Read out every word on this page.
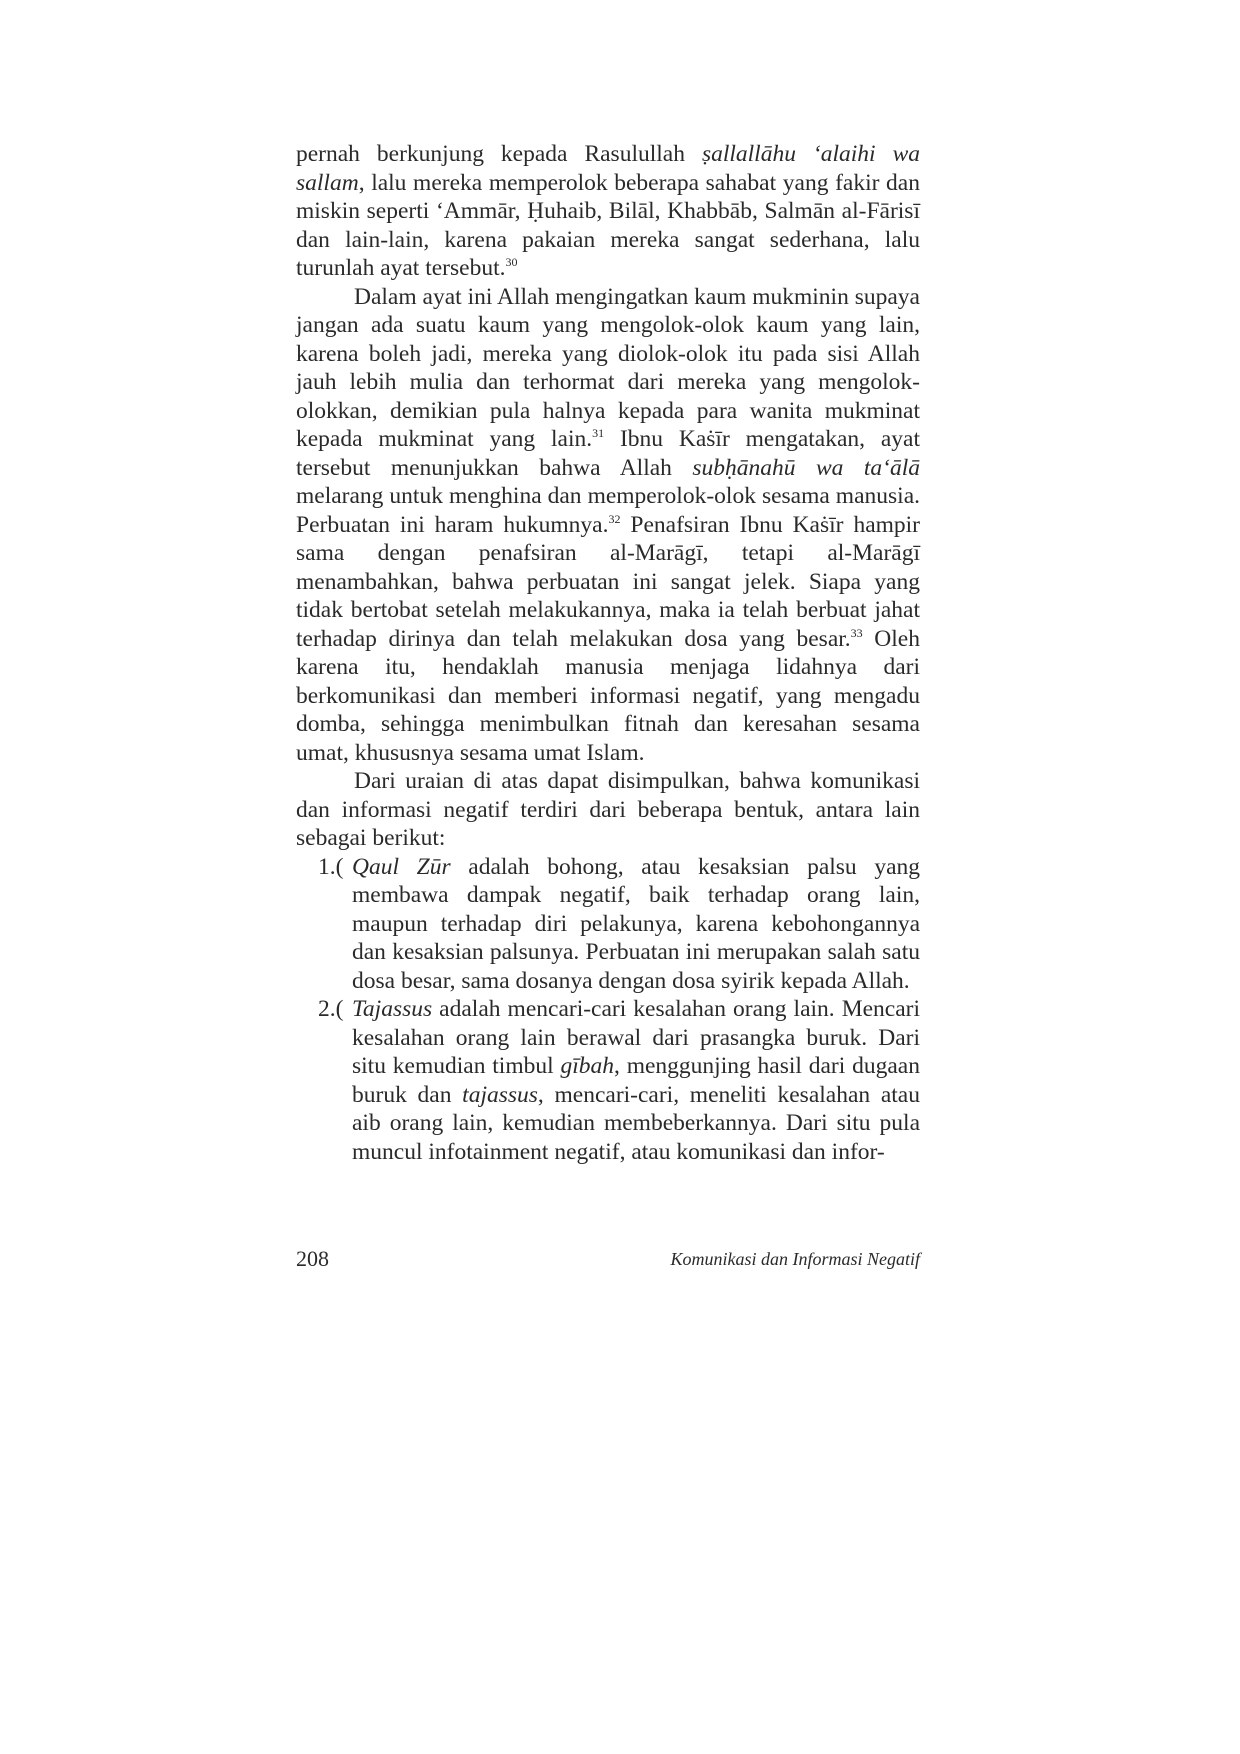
pernah berkunjung kepada Rasulullah ṣallallāhu ‘alaihi wa sallam, lalu mereka memperolok beberapa sahabat yang fakir dan miskin seperti ‘Ammār, Ḥuhaib, Bilāl, Khabbāb, Salmān al-Fārisī dan lain-lain, karena pakaian mereka sangat sederhana, lalu turunlah ayat tersebut.$^{30}$

Dalam ayat ini Allah mengingatkan kaum mukminin supaya jangan ada suatu kaum yang mengolok-olok kaum yang lain, karena boleh jadi, mereka yang diolok-olok itu pada sisi Allah jauh lebih mulia dan terhormat dari mereka yang mengolok-olokkan, demikian pula halnya kepada para wanita mukminat kepada mukminat yang lain.$^{31}$ Ibnu Kaṡīr mengatakan, ayat tersebut menunjukkan bahwa Allah subḥānahū wa ta‘ālā melarang untuk menghina dan memperolok-olok sesama manusia. Perbuatan ini haram hukumnya.$^{32}$ Penafsiran Ibnu Kaṡīr hampir sama dengan penafsiran al-Marāgī, tetapi al-Marāgī menambahkan, bahwa perbuatan ini sangat jelek. Siapa yang tidak bertobat setelah melakukannya, maka ia telah berbuat jahat terhadap dirinya dan telah melakukan dosa yang besar.$^{33}$ Oleh karena itu, hendaklah manusia menjaga lidahnya dari berkomunikasi dan memberi informasi negatif, yang mengadu domba, sehingga menimbulkan fitnah dan keresahan sesama umat, khususnya sesama umat Islam.

Dari uraian di atas dapat disimpulkan, bahwa komunikasi dan informasi negatif terdiri dari beberapa bentuk, antara lain sebagai berikut:

1.( Qaul Zūr adalah bohong, atau kesaksian palsu yang membawa dampak negatif, baik terhadap orang lain, maupun terhadap diri pelakunya, karena kebohongannya dan kesaksian palsunya. Perbuatan ini merupakan salah satu dosa besar, sama dosanya dengan dosa syirik kepada Allah.
2.( Tajassus adalah mencari-cari kesalahan orang lain. Mencari kesalahan orang lain berawal dari prasangka buruk. Dari situ kemudian timbul gībah, menggunjing hasil dari dugaan buruk dan tajassus, mencari-cari, meneliti kesalahan atau aib orang lain, kemudian membeberkannya. Dari situ pula muncul infotainment negatif, atau komunikasi dan infor-
208	Komunikasi dan Informasi Negatif
